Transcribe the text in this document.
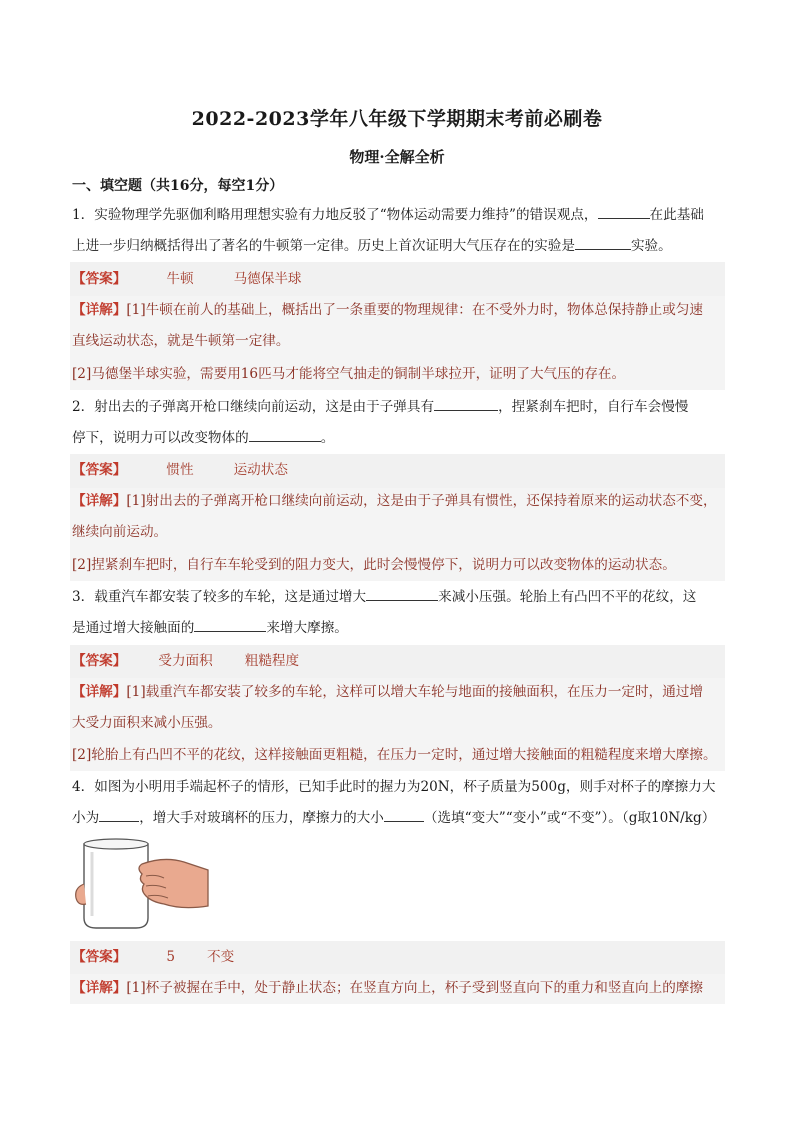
2022-2023学年八年级下学期期末考前必刷卷
物理·全解全析
一、填空题（共16分，每空1分）
1．实验物理学先驱伽利略用理想实验有力地反驳了“物体运动需要力维持”的错误观点，	在此基础
上进一步归纳概括得出了著名的牛顿第一定律。历史上首次证明大气压存在的实验是	实验。
【答案】	牛顿	马德保半球
【详解】[1]牛顿在前人的基础上，概括出了一条重要的物理规律：在不受外力时，物体总保持静止或匀速
直线运动状态，就是牛顿第一定律。
[2]马德堡半球实验，需要用16匹马才能将空气抽走的铜制半球拉开，证明了大气压的存在。
2．射出去的子弹离开枪口继续向前运动，这是由于子弹具有	，捏紧刹车把时，自行车会慢慢
停下，说明力可以改变物体的	。
【答案】	惯性	运动状态
【详解】[1]射出去的子弹离开枪口继续向前运动，这是由于子弹具有惯性，还保持着原来的运动状态不变，
继续向前运动。
[2]捏紧刹车把时，自行车车轮受到的阻力变大，此时会慢慢停下，说明力可以改变物体的运动状态。
3．载重汽车都安装了较多的车轮，这是通过增大	来减小压强。轮胎上有凸凹不平的花纹，这
是通过增大接触面的	来增大摩擦。
【答案】 受力面积 粗糙程度
【详解】[1]载重汽车都安装了较多的车轮，这样可以增大车轮与地面的接触面积，在压力一定时，通过增
大受力面积来减小压强。
[2]轮胎上有凸凹不平的花纹，这样接触面更粗糙，在压力一定时，通过增大接触面的粗糙程度来增大摩擦。
4．如图为小明用手端起杯子的情形，已知手此时的握力为20N，杯子质量为500g，则手对杯子的摩擦力大
小为	，增大手对玻璃杯的压力，摩擦力的大小	（选填“变大”“变小”或“不变”）。（g取10N/kg）
【答案】	5 不变
【详解】[1]杯子被握在手中，处于静止状态；在竖直方向上，杯子受到竖直向下的重力和竖直向上的摩擦
